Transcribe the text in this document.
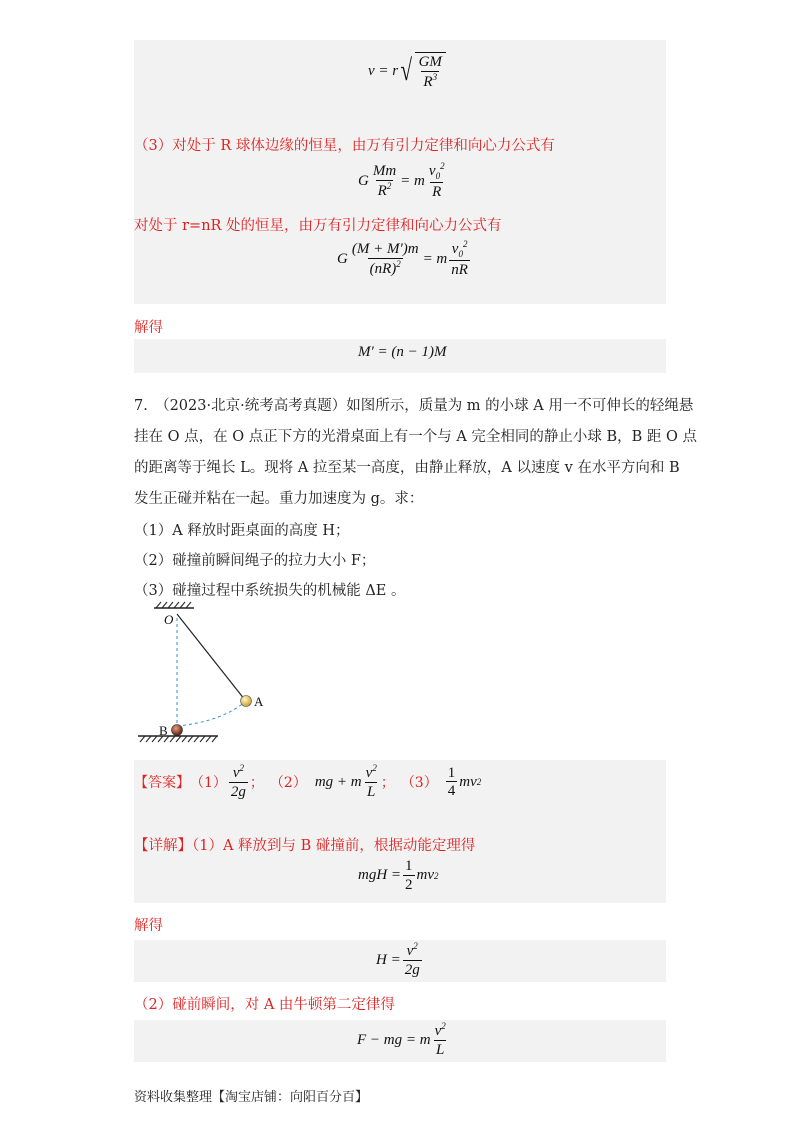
v = r √ $\frac{GM}{R^3}$
（3）对处于 R 球体边缘的恒星，由万有引力定律和向心力公式有
G $\frac{Mm}{R^2} = m \frac{v_0^2}{R}$
对处于 r=nR 处的恒星，由万有引力定律和向心力公式有
G $\frac{(M + M')m}{(nR)^2} = m \frac{v_0^2}{nR}$
解得
M′ = (n − 1)M
7.　（2023·北京·统考高考真题）如图所示，质量为 m 的小球 A 用一不可伸长的轻绳悬
挂在 O 点，在 O 点正下方的光滑桌面上有一个与 A 完全相同的静止小球 B，B 距 O 点
的距离等于绳长 L。现将 A 拉至某一高度，由静止释放，A 以速度 v 在水平方向和 B
发生正碰并粘在一起。重力加速度为 g。求：
（1）A 释放时距桌面的高度 H；
（2）碰撞前瞬间绳子的拉力大小 F；
（3）碰撞过程中系统损失的机械能 ΔE 。
O
A
B
【答案】 $(1) \frac{v^2}{2g}$ ； （2） mg + m $\frac{v^2}{L}$ ； $(3) \frac{1}{4}$ mv 2
【详解】（1）A 释放到与 B 碰撞前，根据动能定理得
mgH = $\frac{1}{2}$ mv 2
解得
$H = \frac{v^2}{2g}$
（2）碰前瞬间，对 A 由牛顿第二定律得
F − mg = m $\frac{v^2}{L}$
资料收集整理【淘宝店铺：向阳百分百】
